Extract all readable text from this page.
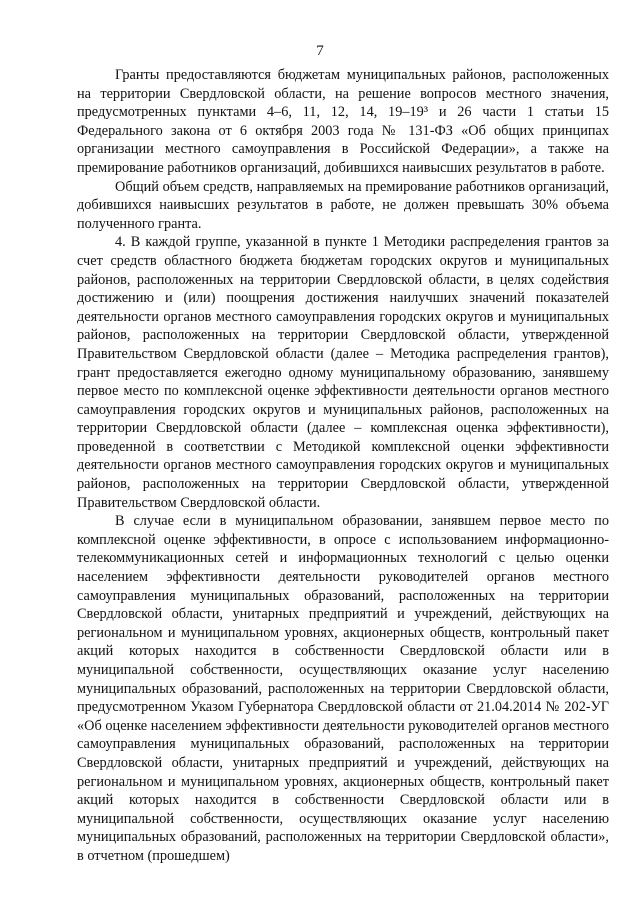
7

Гранты предоставляются бюджетам муниципальных районов, расположенных на территории Свердловской области, на решение вопросов местного значения, предусмотренных пунктами 4–6, 11, 12, 14, 19–19³ и 26 части 1 статьи 15 Федерального закона от 6 октября 2003 года № 131-ФЗ «Об общих принципах организации местного самоуправления в Российской Федерации», а также на премирование работников организаций, добившихся наивысших результатов в работе.

Общий объем средств, направляемых на премирование работников организаций, добившихся наивысших результатов в работе, не должен превышать 30% объема полученного гранта.

4. В каждой группе, указанной в пункте 1 Методики распределения грантов за счет средств областного бюджета бюджетам городских округов и муниципальных районов, расположенных на территории Свердловской области, в целях содействия достижению и (или) поощрения достижения наилучших значений показателей деятельности органов местного самоуправления городских округов и муниципальных районов, расположенных на территории Свердловской области, утвержденной Правительством Свердловской области (далее – Методика распределения грантов), грант предоставляется ежегодно одному муниципальному образованию, занявшему первое место по комплексной оценке эффективности деятельности органов местного самоуправления городских округов и муниципальных районов, расположенных на территории Свердловской области (далее – комплексная оценка эффективности), проведенной в соответствии с Методикой комплексной оценки эффективности деятельности органов местного самоуправления городских округов и муниципальных районов, расположенных на территории Свердловской области, утвержденной Правительством Свердловской области.

В случае если в муниципальном образовании, занявшем первое место по комплексной оценке эффективности, в опросе с использованием информационно-телекоммуникационных сетей и информационных технологий с целью оценки населением эффективности деятельности руководителей органов местного самоуправления муниципальных образований, расположенных на территории Свердловской области, унитарных предприятий и учреждений, действующих на региональном и муниципальном уровнях, акционерных обществ, контрольный пакет акций которых находится в собственности Свердловской области или в муниципальной собственности, осуществляющих оказание услуг населению муниципальных образований, расположенных на территории Свердловской области, предусмотренном Указом Губернатора Свердловской области от 21.04.2014 № 202-УГ «Об оценке населением эффективности деятельности руководителей органов местного самоуправления муниципальных образований, расположенных на территории Свердловской области, унитарных предприятий и учреждений, действующих на региональном и муниципальном уровнях, акционерных обществ, контрольный пакет акций которых находится в собственности Свердловской области или в муниципальной собственности, осуществляющих оказание услуг населению муниципальных образований, расположенных на территории Свердловской области», в отчетном (прошедшем)
